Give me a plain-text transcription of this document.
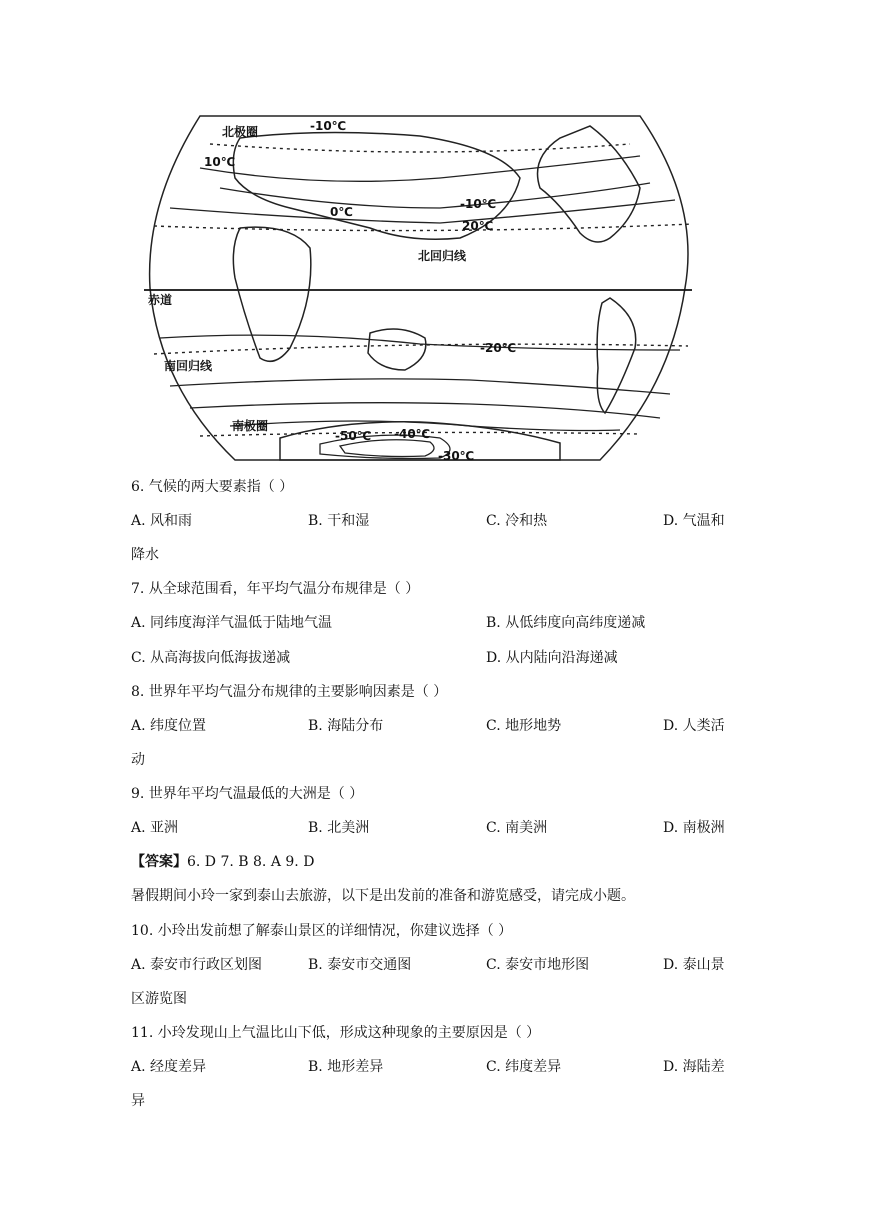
赤道
北回归线
南回归线
北极圈
南极圈
-10℃
10℃
0℃
-10℃
20℃
-20℃
-50℃ -40℃
-30℃
6. 气候的两大要素指（ ）
A. 风和雨	B. 干和湿	C. 冷和热	D. 气温和
降水
7. 从全球范围看，年平均气温分布规律是（ ）
A. 同纬度海洋气温低于陆地气温	B. 从低纬度向高纬度递减
C. 从高海拔向低海拔递减	D. 从内陆向沿海递减
8. 世界年平均气温分布规律的主要影响因素是（ ）
A. 纬度位置	B. 海陆分布	C. 地形地势	D. 人类活
动
9. 世界年平均气温最低的大洲是（ ）
A. 亚洲	B. 北美洲	C. 南美洲	D. 南极洲
【答案】6. D 7. B 8. A 9. D
暑假期间小玲一家到泰山去旅游，以下是出发前的准备和游览感受，请完成小题。
10. 小玲出发前想了解泰山景区的详细情况，你建议选择（ ）
A. 泰安市行政区划图	B. 泰安市交通图	C. 泰安市地形图	D. 泰山景
区游览图
11. 小玲发现山上气温比山下低，形成这种现象的主要原因是（ ）
A. 经度差异	B. 地形差异	C. 纬度差异	D. 海陆差
异
